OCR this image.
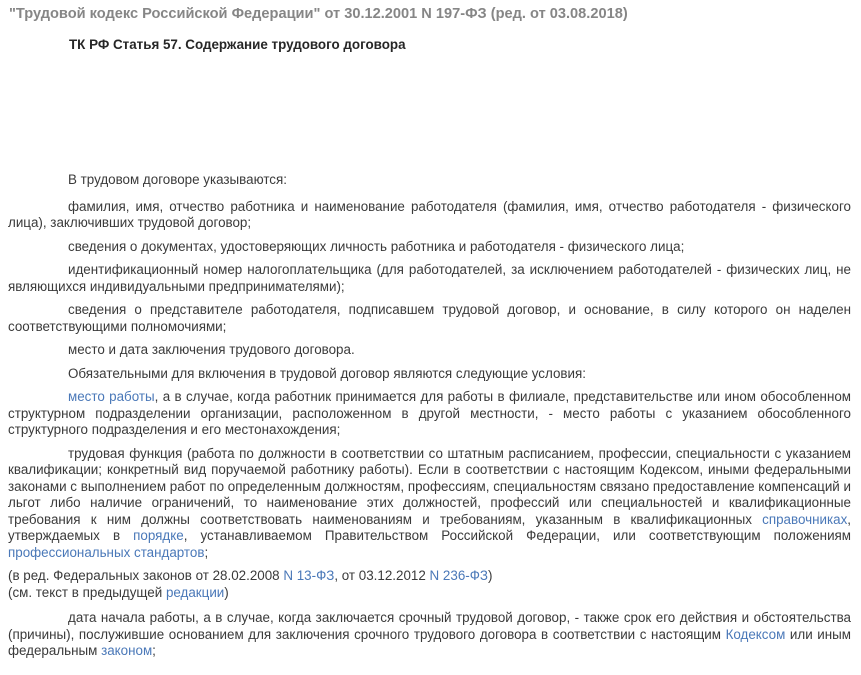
"Трудовой кодекс Российской Федерации" от 30.12.2001 N 197-ФЗ (ред. от 03.08.2018)
ТК РФ Статья 57. Содержание трудового договора

В трудовом договоре указываются:

фамилия, имя, отчество работника и наименование работодателя (фамилия, имя, отчество работодателя - физического лица), заключивших трудовой договор;

сведения о документах, удостоверяющих личность работника и работодателя - физического лица;

идентификационный номер налогоплательщика (для работодателей, за исключением работодателей - физических лиц, не являющихся индивидуальными предпринимателями);

сведения о представителе работодателя, подписавшем трудовой договор, и основание, в силу которого он наделен соответствующими полномочиями;

место и дата заключения трудового договора.

Обязательными для включения в трудовой договор являются следующие условия:

место работы, а в случае, когда работник принимается для работы в филиале, представительстве или ином обособленном структурном подразделении организации, расположенном в другой местности, - место работы с указанием обособленного структурного подразделения и его местонахождения;

трудовая функция (работа по должности в соответствии со штатным расписанием, профессии, специальности с указанием квалификации; конкретный вид поручаемой работнику работы). Если в соответствии с настоящим Кодексом, иными федеральными законами с выполнением работ по определенным должностям, профессиям, специальностям связано предоставление компенсаций и льгот либо наличие ограничений, то наименование этих должностей, профессий или специальностей и квалификационные требования к ним должны соответствовать наименованиям и требованиям, указанным в квалификационных справочниках, утверждаемых в порядке, устанавливаемом Правительством Российской Федерации, или соответствующим положениям профессиональных стандартов;

(в ред. Федеральных законов от 28.02.2008 N 13-ФЗ, от 03.12.2012 N 236-ФЗ)

(см. текст в предыдущей редакции)

дата начала работы, а в случае, когда заключается срочный трудовой договор, - также срок его действия и обстоятельства (причины), послужившие основанием для заключения срочного трудового договора в соответствии с настоящим Кодексом или иным федеральным законом;
